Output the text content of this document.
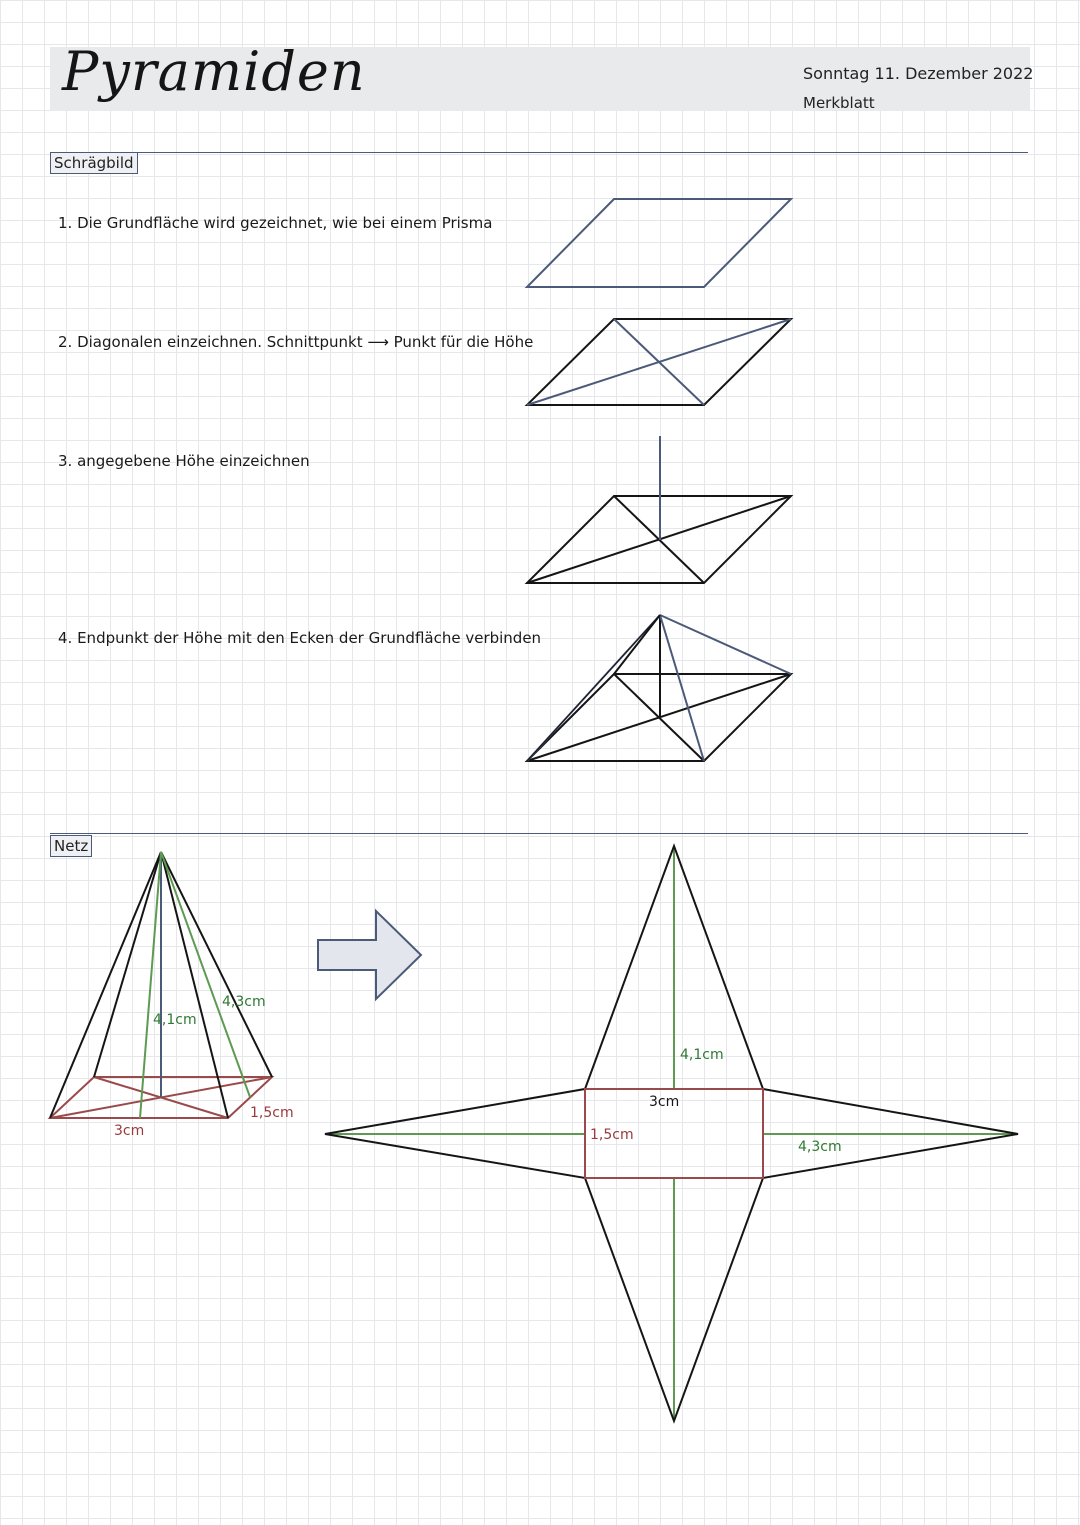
Pyramiden	Sonntag 11. Dezember 2022
Merkblatt
Schrägbild
1. Die Grundfläche wird gezeichnet, wie bei einem Prisma
2. Diagonalen einzeichnen. Schnittpunkt ⟶ Punkt für die Höhe
3. angegebene Höhe einzeichnen
4. Endpunkt der Höhe mit den Ecken der Grundfläche verbinden
Netz
4,1cm
4,3cm
1,5cm
3cm
4,1cm
3cm
1,5cm
4,3cm
